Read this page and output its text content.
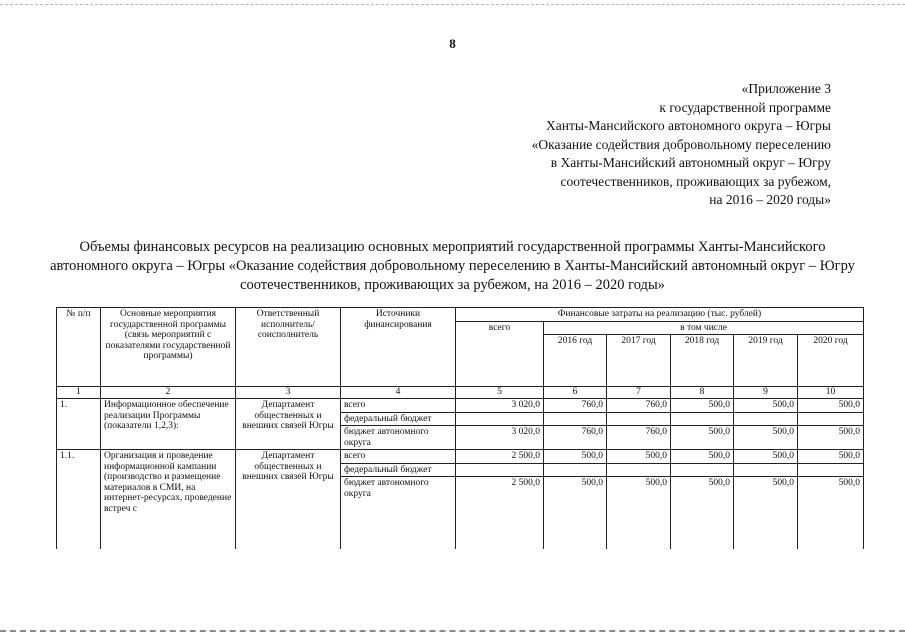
8
«Приложение 3
к государственной программе
Ханты-Мансийского автономного округа – Югры
«Оказание содействия добровольному переселению
в Ханты-Мансийский автономный округ – Югру
соотечественников, проживающих за рубежом,
на 2016 – 2020 годы»
Объемы финансовых ресурсов на реализацию основных мероприятий государственной программы Ханты-Мансийского автономного округа – Югры «Оказание содействия добровольному переселению в Ханты-Мансийский автономный округ – Югру соотечественников, проживающих за рубежом, на 2016 – 2020 годы»
№ п/п	Основные мероприятия государственной программы (связь мероприятий с показателями государственной программы)	Ответственный исполнитель/ соисполнитель	Источники финансирования	Финансовые затраты на реализацию (тыс. рублей)					
				всего	в том числе				
					2016 год	2017 год	2018 год	2019 год	2020 год
1	2	3	4	5	6	7	8	9	10
1.	Информационное обеспечение реализации Программы (показатели 1,2,3):	Департамент общественных и внешних связей Югры	всего	3 020,0	760,0	760,0	500,0	500,0	500,0
			федеральный бюджет						
			бюджет автономного округа	3 020,0	760,0	760,0	500,0	500,0	500,0
1.1.	Организация и проведение информационной кампании (производство и размещение материалов в СМИ, на интернет-ресурсах, проведение встреч с	Департамент общественных и внешних связей Югры	всего	2 500,0	500,0	500,0	500,0	500,0	500,0
			федеральный бюджет						
			бюджет автономного округа	2 500,0	500,0	500,0	500,0	500,0	500,0
